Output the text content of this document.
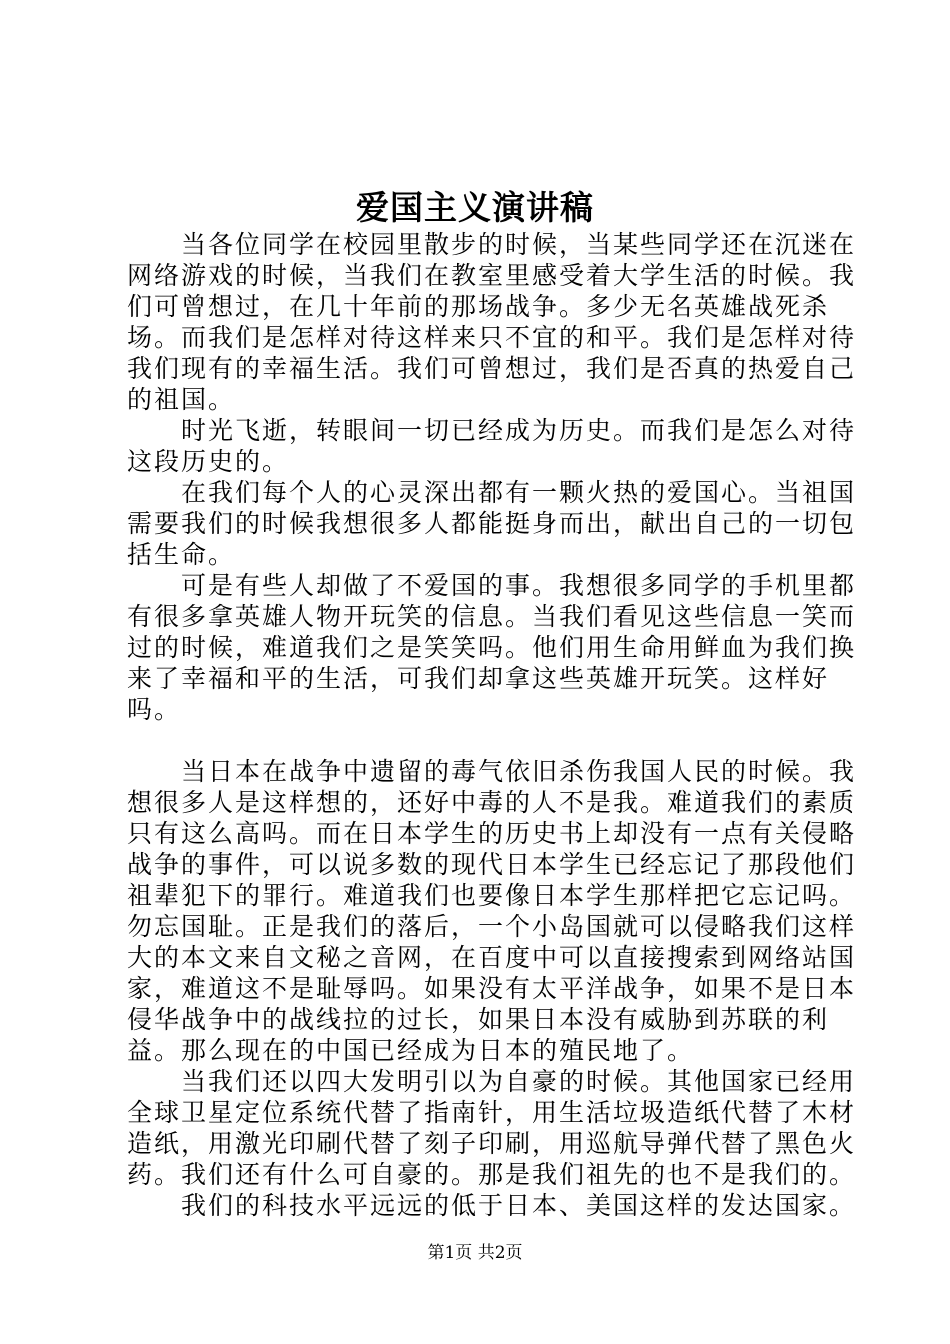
爱国主义演讲稿

当各位同学在校园里散步的时候，当某些同学还在沉迷在网络游戏的时候，当我们在教室里感受着大学生活的时候。我们可曾想过，在几十年前的那场战争。多少无名英雄战死杀场。而我们是怎样对待这样来只不宜的和平。我们是怎样对待我们现有的幸福生活。我们可曾想过，我们是否真的热爱自己的祖国。

时光飞逝，转眼间一切已经成为历史。而我们是怎么对待这段历史的。

在我们每个人的心灵深出都有一颗火热的爱国心。当祖国需要我们的时候我想很多人都能挺身而出，献出自己的一切包括生命。

可是有些人却做了不爱国的事。我想很多同学的手机里都有很多拿英雄人物开玩笑的信息。当我们看见这些信息一笑而过的时候，难道我们之是笑笑吗。他们用生命用鲜血为我们换来了幸福和平的生活，可我们却拿这些英雄开玩笑。这样好吗。

当日本在战争中遗留的毒气依旧杀伤我国人民的时候。我想很多人是这样想的，还好中毒的人不是我。难道我们的素质只有这么高吗。而在日本学生的历史书上却没有一点有关侵略战争的事件，可以说多数的现代日本学生已经忘记了那段他们祖辈犯下的罪行。难道我们也要像日本学生那样把它忘记吗。勿忘国耻。正是我们的落后，一个小岛国就可以侵略我们这样大的本文来自文秘之音网，在百度中可以直接搜索到网络站国家，难道这不是耻辱吗。如果没有太平洋战争，如果不是日本侵华战争中的战线拉的过长，如果日本没有威胁到苏联的利益。那么现在的中国已经成为日本的殖民地了。

当我们还以四大发明引以为自豪的时候。其他国家已经用全球卫星定位系统代替了指南针，用生活垃圾造纸代替了木材造纸，用激光印刷代替了刻子印刷，用巡航导弹代替了黑色火药。我们还有什么可自豪的。那是我们祖先的也不是我们的。

我们的科技水平远远的低于日本、美国这样的发达国家。

第1页 共2页
